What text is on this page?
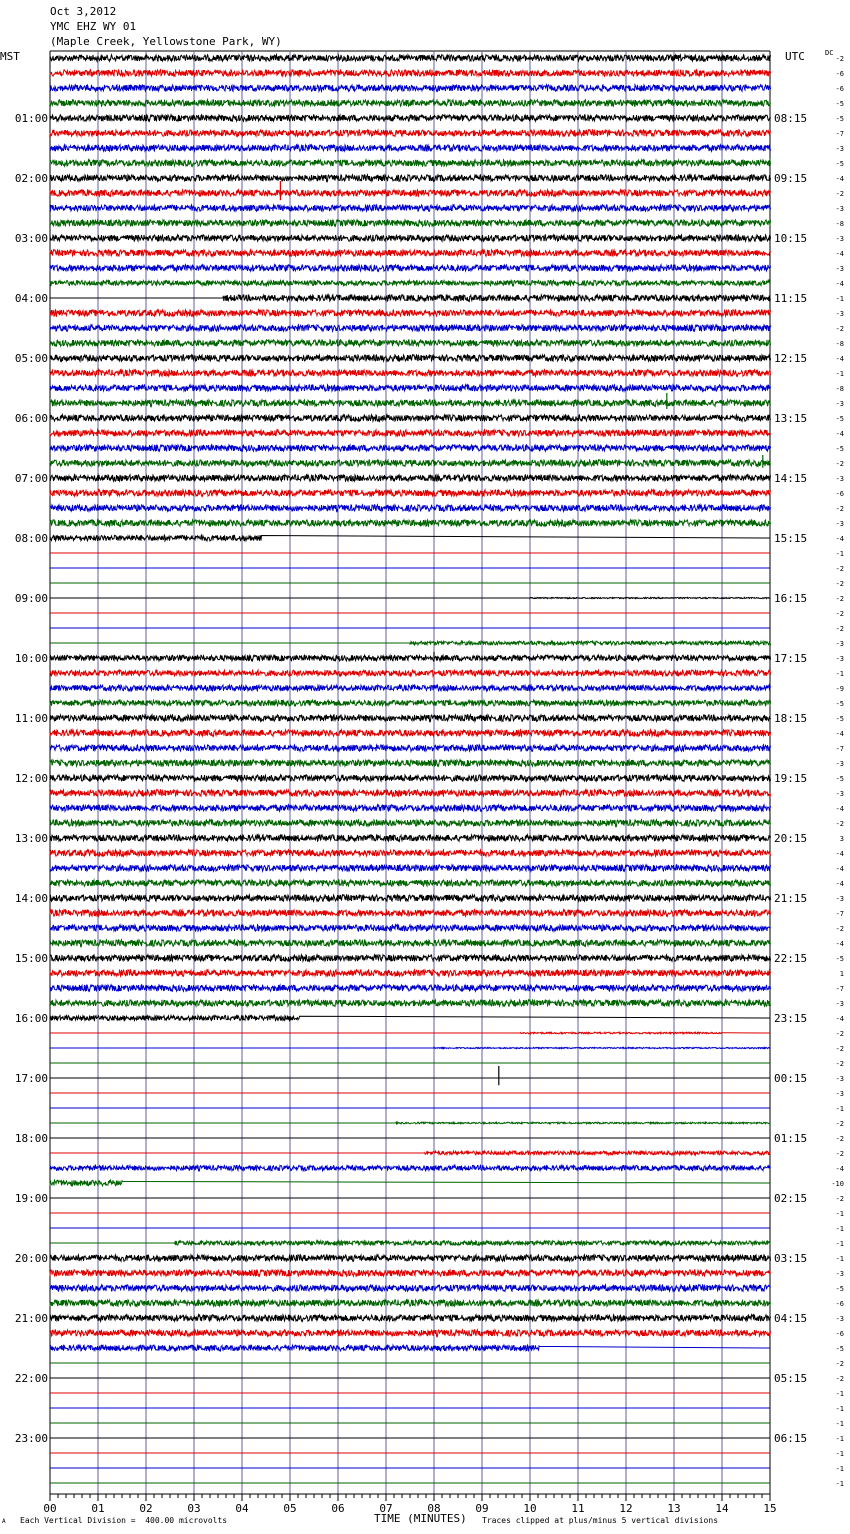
Oct 3,2012
YMC EHZ WY 01
(Maple Creek, Yellowstone Park, WY)
MST	UTC	DC
00	01	02	03	04	05	06	07	08	09	10	11	12	13	14	15
-2
-6
-6
-5
01:00	08:15	-5
-7
-3
-5
02:00	09:15	-4
-2
-3
-8
03:00	10:15	-3
-4
-3
-4
04:00	11:15	-1
-3
-2
-8
05:00	12:15	-4
-1
-8
-3
06:00	13:15	-5
-4
-5
-2
07:00	14:15	-3
-6
-2
-3
08:00	15:15	-4
-1
-2
-2
09:00	16:15	-2
-2
-2
-3
10:00	17:15	-3
-1
-9
-5
11:00	18:15	-5
-4
-7
-3
12:00	19:15	-5
-3
-4
-2
13:00	20:15	3
-4
-4
-4
14:00	21:15	-3
-7
-2
-4
15:00	22:15	-5
1
-7
-3
16:00	23:15	-4
-2
-2
-2
17:00	00:15	-3
-3
-1
-2
18:00	01:15	-2
-2
-4
-10
19:00	02:15	-2
-1
-1
-1
20:00	03:15	-1
-3
-5
-6
21:00	04:15	-3
-6
-5
-2
22:00	05:15	-2
-1
-1
-1
23:00	06:15	-1
-1
-1
-1
A Each Vertical Division =  400.00 microvolts	TIME (MINUTES) Traces clipped at plus/minus 5 vertical divisions
